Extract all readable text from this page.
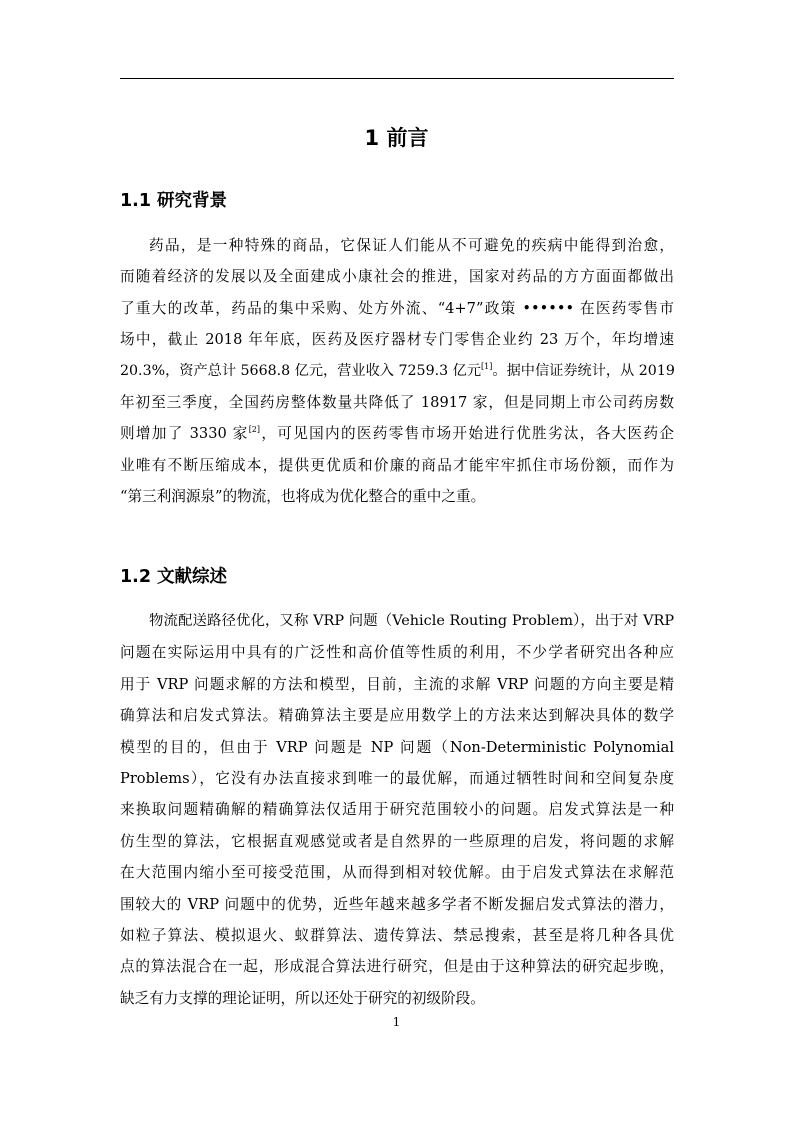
1 前言
1.1 研究背景
药品，是一种特殊的商品，它保证人们能从不可避免的疾病中能得到治愈，
而随着经济的发展以及全面建成小康社会的推进，国家对药品的方方面面都做出
了重大的改革，药品的集中采购、处方外流、“4+7”政策 •••••• 在医药零售市
场中，截止 2018 年年底，医药及医疗器材专门零售企业约 23 万个，年均增速
20.3%，资产总计 5668.8 亿元，营业收入 7259.3 亿元[1]。据中信证券统计，从 2019
年初至三季度，全国药房整体数量共降低了 18917 家，但是同期上市公司药房数
则增加了 3330 家[2]，可见国内的医药零售市场开始进行优胜劣汰，各大医药企
业唯有不断压缩成本，提供更优质和价廉的商品才能牢牢抓住市场份额，而作为
“第三利润源泉”的物流，也将成为优化整合的重中之重。
1.2 文献综述
物流配送路径优化，又称 VRP 问题（Vehicle Routing Problem），出于对 VRP
问题在实际运用中具有的广泛性和高价值等性质的利用，不少学者研究出各种应
用于 VRP 问题求解的方法和模型，目前，主流的求解 VRP 问题的方向主要是精
确算法和启发式算法。精确算法主要是应用数学上的方法来达到解决具体的数学
模型的目的，但由于 VRP 问题是 NP 问题（Non-Deterministic Polynomial
Problems），它没有办法直接求到唯一的最优解，而通过牺牲时间和空间复杂度
来换取问题精确解的精确算法仅适用于研究范围较小的问题。启发式算法是一种
仿生型的算法，它根据直观感觉或者是自然界的一些原理的启发，将问题的求解
在大范围内缩小至可接受范围，从而得到相对较优解。由于启发式算法在求解范
围较大的 VRP 问题中的优势，近些年越来越多学者不断发掘启发式算法的潜力，
如粒子算法、模拟退火、蚁群算法、遗传算法、禁忌搜索，甚至是将几种各具优
点的算法混合在一起，形成混合算法进行研究，但是由于这种算法的研究起步晚，
缺乏有力支撑的理论证明，所以还处于研究的初级阶段。
1
